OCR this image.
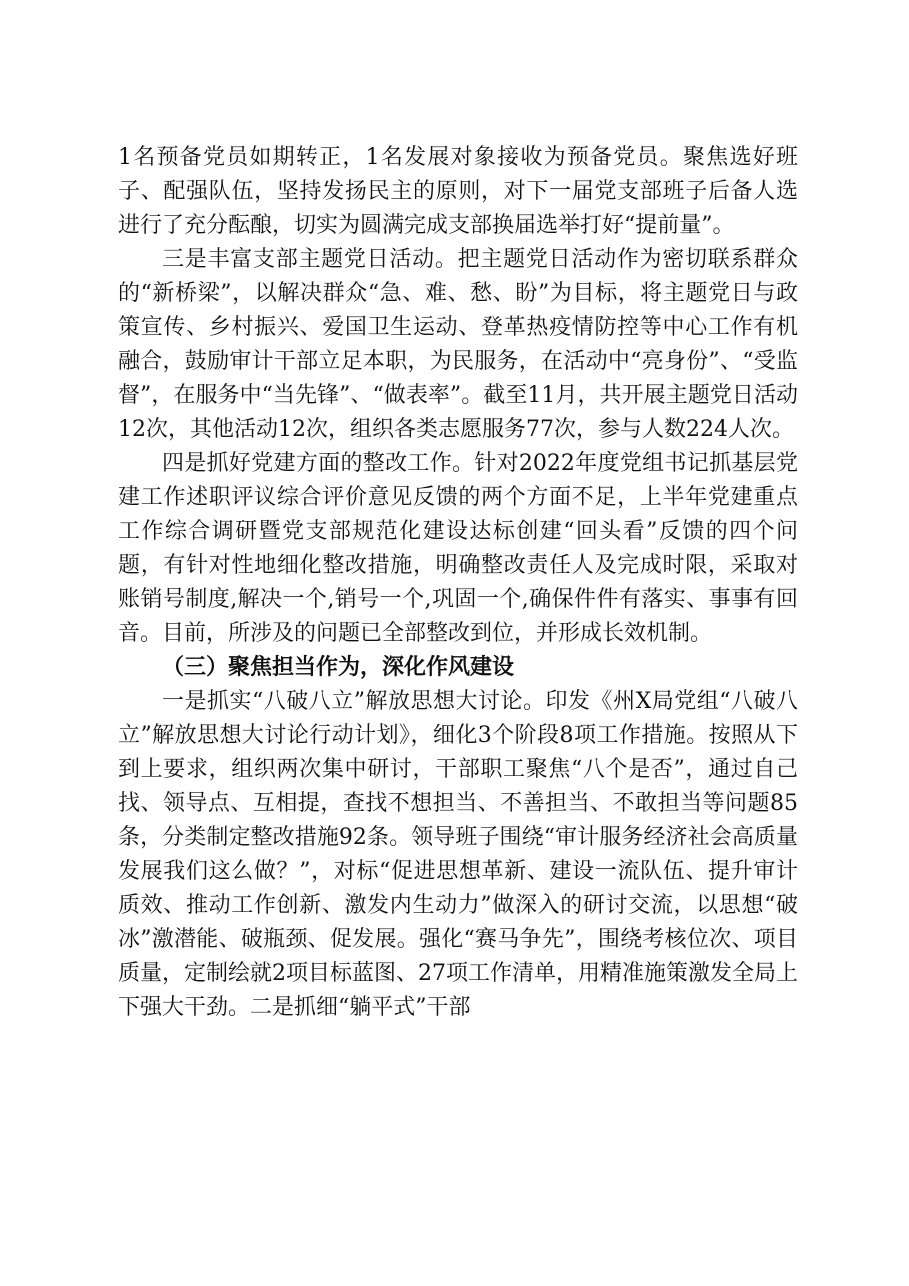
1名预备党员如期转正，1名发展对象接收为预备党员。聚焦选好班子、配强队伍，坚持发扬民主的原则，对下一届党支部班子后备人选进行了充分酝酿，切实为圆满完成支部换届选举打好“提前量”。

三是丰富支部主题党日活动。把主题党日活动作为密切联系群众的“新桥梁”，以解决群众“急、难、愁、盼”为目标，将主题党日与政策宣传、乡村振兴、爱国卫生运动、登革热疫情防控等中心工作有机融合，鼓励审计干部立足本职，为民服务，在活动中“亮身份”、“受监督”，在服务中“当先锋”、“做表率”。截至11月，共开展主题党日活动12次，其他活动12次，组织各类志愿服务77次，参与人数224人次。

四是抓好党建方面的整改工作。针对2022年度党组书记抓基层党建工作述职评议综合评价意见反馈的两个方面不足，上半年党建重点工作综合调研暨党支部规范化建设达标创建“回头看”反馈的四个问题，有针对性地细化整改措施，明确整改责任人及完成时限，采取对账销号制度,解决一个,销号一个,巩固一个,确保件件有落实、事事有回音。目前，所涉及的问题已全部整改到位，并形成长效机制。

（三）聚焦担当作为，深化作风建设

一是抓实“八破八立”解放思想大讨论。印发《州X局党组“八破八立”解放思想大讨论行动计划》，细化3个阶段8项工作措施。按照从下到上要求，组织两次集中研讨，干部职工聚焦“八个是否”，通过自己找、领导点、互相提，查找不想担当、不善担当、不敢担当等问题85条，分类制定整改措施92条。领导班子围绕“审计服务经济社会高质量发展我们这么做？”，对标“促进思想革新、建设一流队伍、提升审计质效、推动工作创新、激发内生动力”做深入的研讨交流，以思想“破冰”激潜能、破瓶颈、促发展。强化“赛马争先”，围绕考核位次、项目质量，定制绘就2项目标蓝图、27项工作清单，用精准施策激发全局上下强大干劲。二是抓细“躺平式”干部
